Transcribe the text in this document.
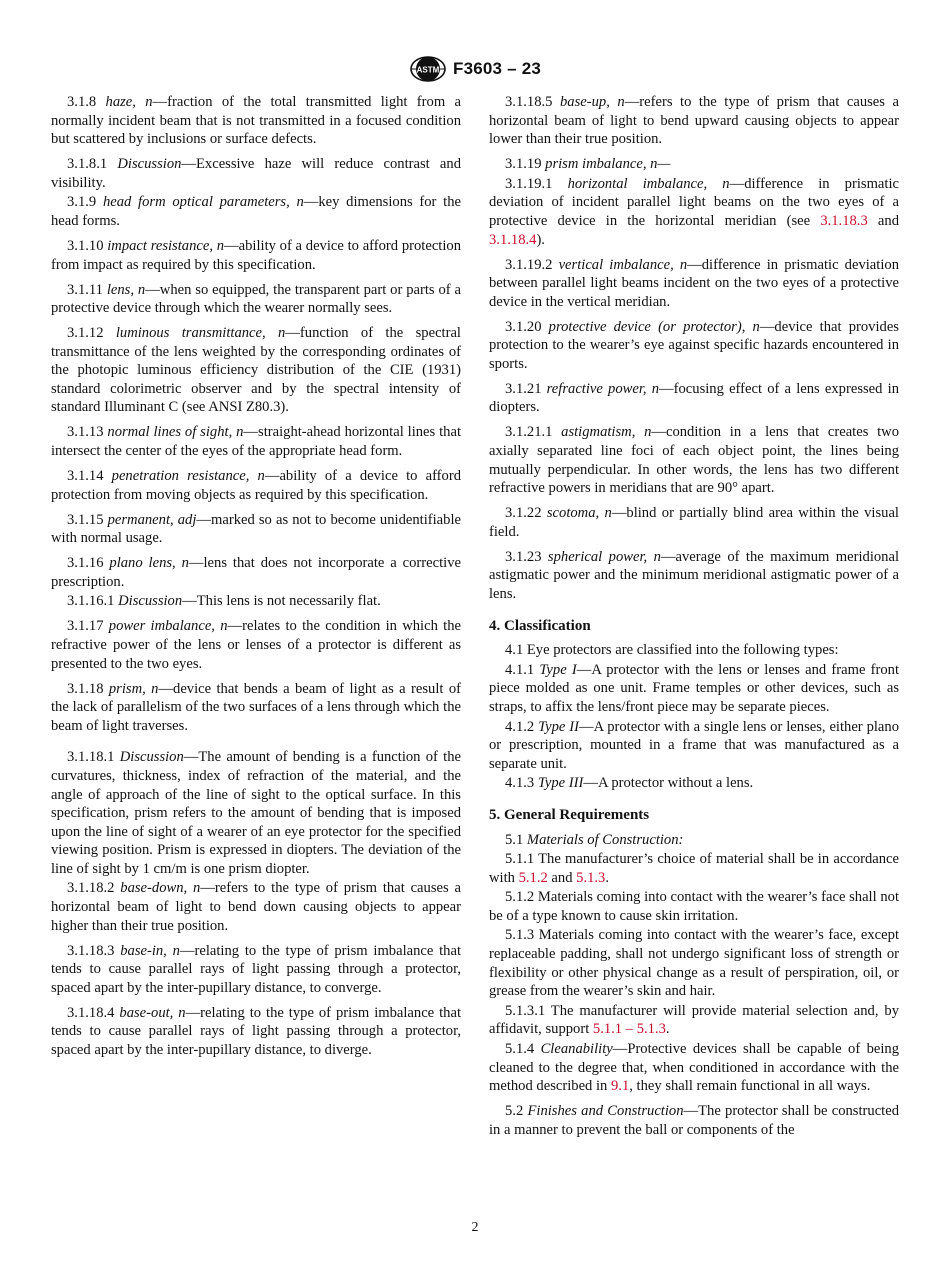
ASTM F3603 – 23

3.1.8 haze, n—fraction of the total transmitted light from a normally incident beam that is not transmitted in a focused condition but scattered by inclusions or surface defects.

3.1.8.1 Discussion—Excessive haze will reduce contrast and visibility.

3.1.9 head form optical parameters, n—key dimensions for the head forms.

3.1.10 impact resistance, n—ability of a device to afford protection from impact as required by this specification.

3.1.11 lens, n—when so equipped, the transparent part or parts of a protective device through which the wearer normally sees.

3.1.12 luminous transmittance, n—function of the spectral transmittance of the lens weighted by the corresponding ordinates of the photopic luminous efficiency distribution of the CIE (1931) standard colorimetric observer and by the spectral intensity of standard Illuminant C (see ANSI Z80.3).

3.1.13 normal lines of sight, n—straight-ahead horizontal lines that intersect the center of the eyes of the appropriate head form.

3.1.14 penetration resistance, n—ability of a device to afford protection from moving objects as required by this specification.

3.1.15 permanent, adj—marked so as not to become unidentifiable with normal usage.

3.1.16 plano lens, n—lens that does not incorporate a corrective prescription.

3.1.16.1 Discussion—This lens is not necessarily flat.

3.1.17 power imbalance, n—relates to the condition in which the refractive power of the lens or lenses of a protector is different as presented to the two eyes.

3.1.18 prism, n—device that bends a beam of light as a result of the lack of parallelism of the two surfaces of a lens through which the beam of light traverses.

3.1.18.1 Discussion—The amount of bending is a function of the curvatures, thickness, index of refraction of the material, and the angle of approach of the line of sight to the optical surface. In this specification, prism refers to the amount of bending that is imposed upon the line of sight of a wearer of an eye protector for the specified viewing position. Prism is expressed in diopters. The deviation of the line of sight by 1 cm/m is one prism diopter.

3.1.18.2 base-down, n—refers to the type of prism that causes a horizontal beam of light to bend down causing objects to appear higher than their true position.

3.1.18.3 base-in, n—relating to the type of prism imbalance that tends to cause parallel rays of light passing through a protector, spaced apart by the inter-pupillary distance, to converge.

3.1.18.4 base-out, n—relating to the type of prism imbalance that tends to cause parallel rays of light passing through a protector, spaced apart by the inter-pupillary distance, to diverge.

3.1.18.5 base-up, n—refers to the type of prism that causes a horizontal beam of light to bend upward causing objects to appear lower than their true position.

3.1.19 prism imbalance, n—

3.1.19.1 horizontal imbalance, n—difference in prismatic deviation of incident parallel light beams on the two eyes of a protective device in the horizontal meridian (see 3.1.18.3 and 3.1.18.4).

3.1.19.2 vertical imbalance, n—difference in prismatic deviation between parallel light beams incident on the two eyes of a protective device in the vertical meridian.

3.1.20 protective device (or protector), n—device that provides protection to the wearer’s eye against specific hazards encountered in sports.

3.1.21 refractive power, n—focusing effect of a lens expressed in diopters.

3.1.21.1 astigmatism, n—condition in a lens that creates two axially separated line foci of each object point, the lines being mutually perpendicular. In other words, the lens has two different refractive powers in meridians that are 90° apart.

3.1.22 scotoma, n—blind or partially blind area within the visual field.

3.1.23 spherical power, n—average of the maximum meridional astigmatic power and the minimum meridional astigmatic power of a lens.

4. Classification

4.1 Eye protectors are classified into the following types:

4.1.1 Type I—A protector with the lens or lenses and frame front piece molded as one unit. Frame temples or other devices, such as straps, to affix the lens/front piece may be separate pieces.

4.1.2 Type II—A protector with a single lens or lenses, either plano or prescription, mounted in a frame that was manufactured as a separate unit.

4.1.3 Type III—A protector without a lens.

5. General Requirements

5.1 Materials of Construction:

5.1.1 The manufacturer’s choice of material shall be in accordance with 5.1.2 and 5.1.3.

5.1.2 Materials coming into contact with the wearer’s face shall not be of a type known to cause skin irritation.

5.1.3 Materials coming into contact with the wearer’s face, except replaceable padding, shall not undergo significant loss of strength or flexibility or other physical change as a result of perspiration, oil, or grease from the wearer’s skin and hair.

5.1.3.1 The manufacturer will provide material selection and, by affidavit, support 5.1.1 – 5.1.3.

5.1.4 Cleanability—Protective devices shall be capable of being cleaned to the degree that, when conditioned in accordance with the method described in 9.1, they shall remain functional in all ways.

5.2 Finishes and Construction—The protector shall be constructed in a manner to prevent the ball or components of the

2
